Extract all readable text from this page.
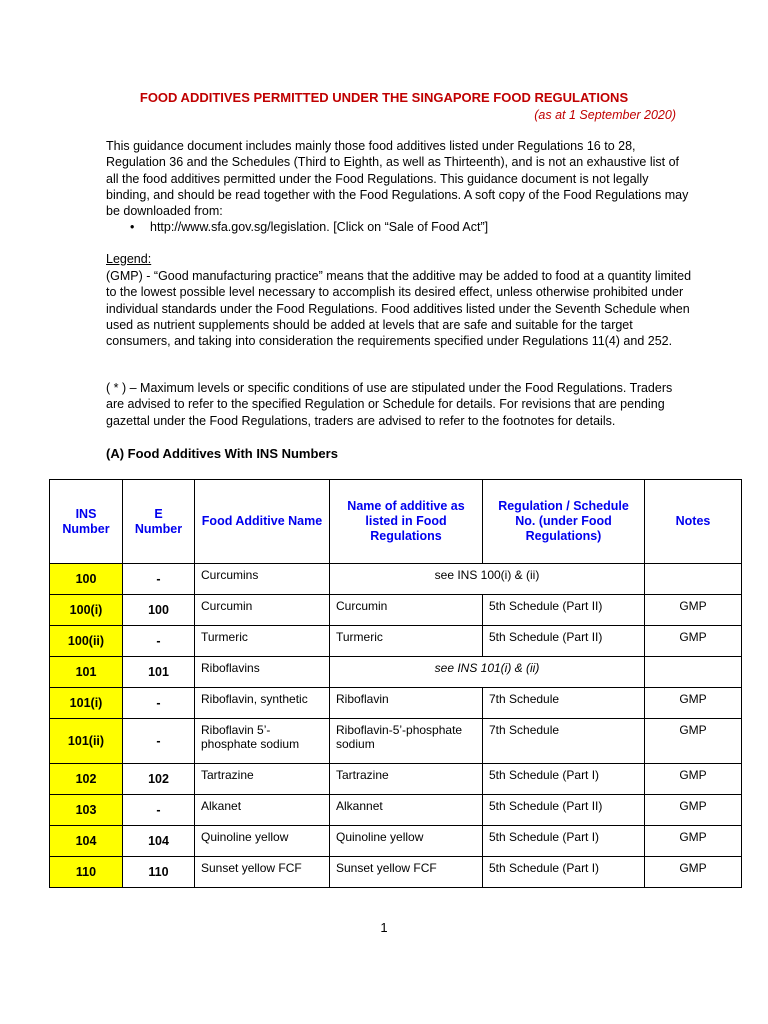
FOOD ADDITIVES PERMITTED UNDER THE SINGAPORE FOOD REGULATIONS
(as at 1 September 2020)

This guidance document includes mainly those food additives listed under Regulations 16 to 28, Regulation 36 and the Schedules (Third to Eighth, as well as Thirteenth), and is not an exhaustive list of all the food additives permitted under the Food Regulations. This guidance document is not legally binding, and should be read together with the Food Regulations. A soft copy of the Food Regulations may be downloaded from:

• http://www.sfa.gov.sg/legislation. [Click on “Sale of Food Act”]
Legend:

(GMP) - “Good manufacturing practice” means that the additive may be added to food at a quantity limited to the lowest possible level necessary to accomplish its desired effect, unless otherwise prohibited under individual standards under the Food Regulations. Food additives listed under the Seventh Schedule when used as nutrient supplements should be added at levels that are safe and suitable for the target consumers, and taking into consideration the requirements specified under Regulations 11(4) and 252.

( * ) – Maximum levels or specific conditions of use are stipulated under the Food Regulations. Traders are advised to refer to the specified Regulation or Schedule for details. For revisions that are pending gazettal under the Food Regulations, traders are advised to refer to the footnotes for details.

(A) Food Additives With INS Numbers
INS Number	E Number	Food Additive Name	Name of additive as listed in Food Regulations	Regulation / Schedule No. (under Food Regulations)	Notes
100	-	Curcumins	see INS 100(i) & (ii)		
100(i)	100	Curcumin	Curcumin	5th Schedule (Part II)	GMP
100(ii)	-	Turmeric	Turmeric	5th Schedule (Part II)	GMP
101	101	Riboflavins	see INS 101(i) & (ii)		
101(i)	-	Riboflavin, synthetic	Riboflavin	7th Schedule	GMP
101(ii)	-	Riboflavin 5’-phosphate sodium	Riboflavin-5’-phosphate sodium	7th Schedule	GMP
102	102	Tartrazine	Tartrazine	5th Schedule (Part I)	GMP
103	-	Alkanet	Alkannet	5th Schedule (Part II)	GMP
104	104	Quinoline yellow	Quinoline yellow	5th Schedule (Part I)	GMP
110	110	Sunset yellow FCF	Sunset yellow FCF	5th Schedule (Part I)	GMP
1
